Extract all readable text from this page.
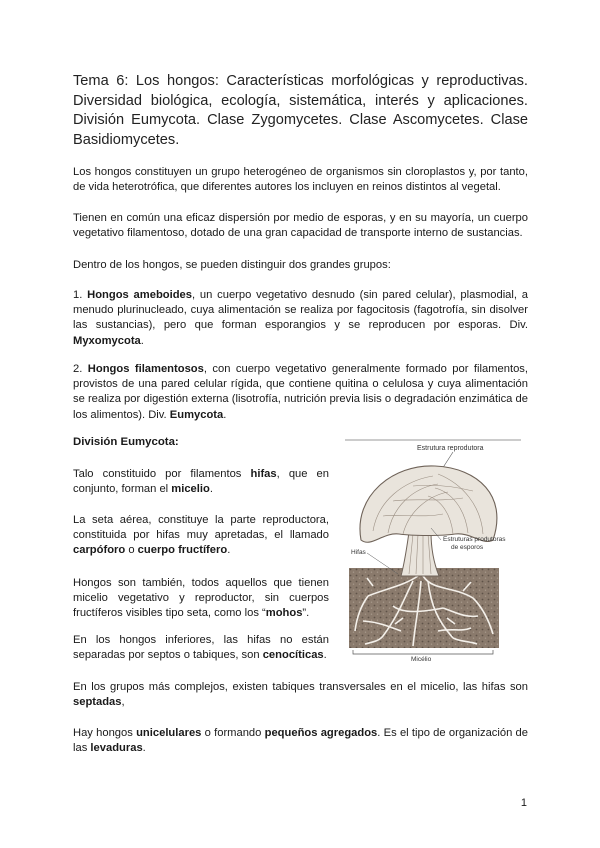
Tema 6: Los hongos: Características morfológicas y reproductivas. Diversidad biológica, ecología, sistemática, interés y aplicaciones. División Eumycota. Clase Zygomycetes. Clase Ascomycetes. Clase Basidiomycetes.

Los hongos constituyen un grupo heterogéneo de organismos sin cloroplastos y, por tanto, de vida heterotrófica, que diferentes autores los incluyen en reinos distintos al vegetal.

Tienen en común una eficaz dispersión por medio de esporas, y en su mayoría, un cuerpo vegetativo filamentoso, dotado de una gran capacidad de transporte interno de sustancias.

Dentro de los hongos, se pueden distinguir dos grandes grupos:

1. Hongos ameboides, un cuerpo vegetativo desnudo (sin pared celular), plasmodial, a menudo plurinucleado, cuya alimentación se realiza por fagocitosis (fagotrofía, sin disolver las sustancias), pero que forman esporangios y se reproducen por esporas. Div. Myxomycota.

2. Hongos filamentosos, con cuerpo vegetativo generalmente formado por filamentos, provistos de una pared celular rígida, que contiene quitina o celulosa y cuya alimentación se realiza por digestión externa (lisotrofía, nutrición previa lisis o degradación enzimática de los alimentos). Div. Eumycota.

División Eumycota:

Talo constituido por filamentos hifas, que en conjunto, forman el micelio.

La seta aérea, constituye la parte reproductora, constituida por hifas muy apretadas, el llamado carpóforo o cuerpo fructífero.

Hongos son también, todos aquellos que tienen micelio vegetativo y reproductor, sin cuerpos fructíferos visibles tipo seta, como los “mohos”.

En los hongos inferiores, las hifas no están separadas por septos o tabiques, son cenocíticas.

En los grupos más complejos, existen tabiques transversales en el micelio, las hifas son septadas,

Hay hongos unicelulares o formando pequeños agregados. Es el tipo de organización de las levaduras.

Estrutura reprodutora
Estruturas produtoras
de esporos
Hifas
Micélio
1
